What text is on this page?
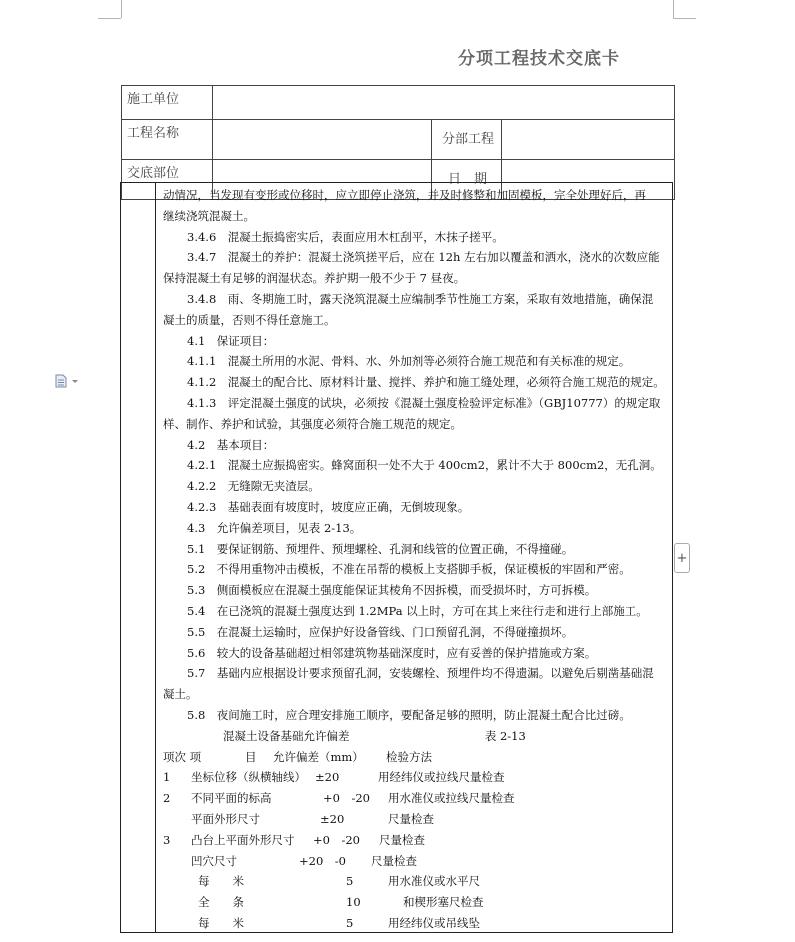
分项工程技术交底卡
+
施工单位			
工程名称		分部工程	
交底部位		日　期	
动情况，当发现有变形或位移时，应立即停止浇筑，并及时修整和加固模板，完全处理好后，再
继续浇筑混凝土。
3.4.6　混凝土振捣密实后，表面应用木杠刮平，木抹子搓平。
3.4.7　混凝土的养护：混凝土浇筑搓平后，应在 12h 左右加以覆盖和洒水，浇水的次数应能
保持混凝土有足够的润湿状态。养护期一般不少于 7 昼夜。
3.4.8　雨、冬期施工时，露天浇筑混凝土应编制季节性施工方案，采取有效地措施，确保混
凝土的质量，否则不得任意施工。
4.1　保证项目：
4.1.1　混凝土所用的水泥、骨料、水、外加剂等必须符合施工规范和有关标准的规定。
4.1.2　混凝土的配合比、原材料计量、搅拌、养护和施工缝处理，必须符合施工规范的规定。
4.1.3　评定混凝土强度的试块，必须按《混凝土强度检验评定标准》（GBJ10777）的规定取
样、制作、养护和试验，其强度必须符合施工规范的规定。
4.2　基本项目：
4.2.1　混凝土应振捣密实。蜂窝面积一处不大于 400cm2，累计不大于 800cm2，无孔洞。
4.2.2　无缝隙无夹渣层。
4.2.3　基础表面有坡度时，坡度应正确，无倒坡现象。
4.3　允许偏差项目，见表 2-13。
5.1　要保证钢筋、预埋件、预埋螺栓、孔洞和线管的位置正确，不得撞碰。
5.2　不得用重物冲击模板，不准在吊帮的模板上支搭脚手板，保证模板的牢固和严密。
5.3　侧面模板应在混凝土强度能保证其棱角不因拆模，而受损坏时，方可拆模。
5.4　在已浇筑的混凝土强度达到 1.2MPa 以上时，方可在其上来往行走和进行上部施工。
5.5　在混凝土运输时，应保护好设备管线、门口预留孔洞，不得碰撞损坏。
5.6　较大的设备基础超过相邻建筑物基础深度时，应有妥善的保护措施或方案。
5.7　基础内应根据设计要求预留孔洞，安装螺栓、预埋件均不得遗漏。以避免后剔凿基础混
凝土。
5.8　夜间施工时，应合理安排施工顺序，要配备足够的照明，防止混凝土配合比过磅。
混凝土设备基础允许偏差	表 2-13
项次 项	目 允许偏差（mm） 检验方法
1 坐标位移（纵横轴线） ±20	用经纬仪或拉线尺量检查
2 不同平面的标高	+0　-20 用水准仪或拉线尺量检查
平面外形尺寸	±20	尺量检查
3 凸台上平面外形尺寸 +0　-20 尺量检查
凹穴尺寸	+20　-0 尺量检查
每　　米	5	用水准仪或水平尺
全　　条	10	和楔形塞尺检查
每　　米	5	用经纬仪或吊线坠
